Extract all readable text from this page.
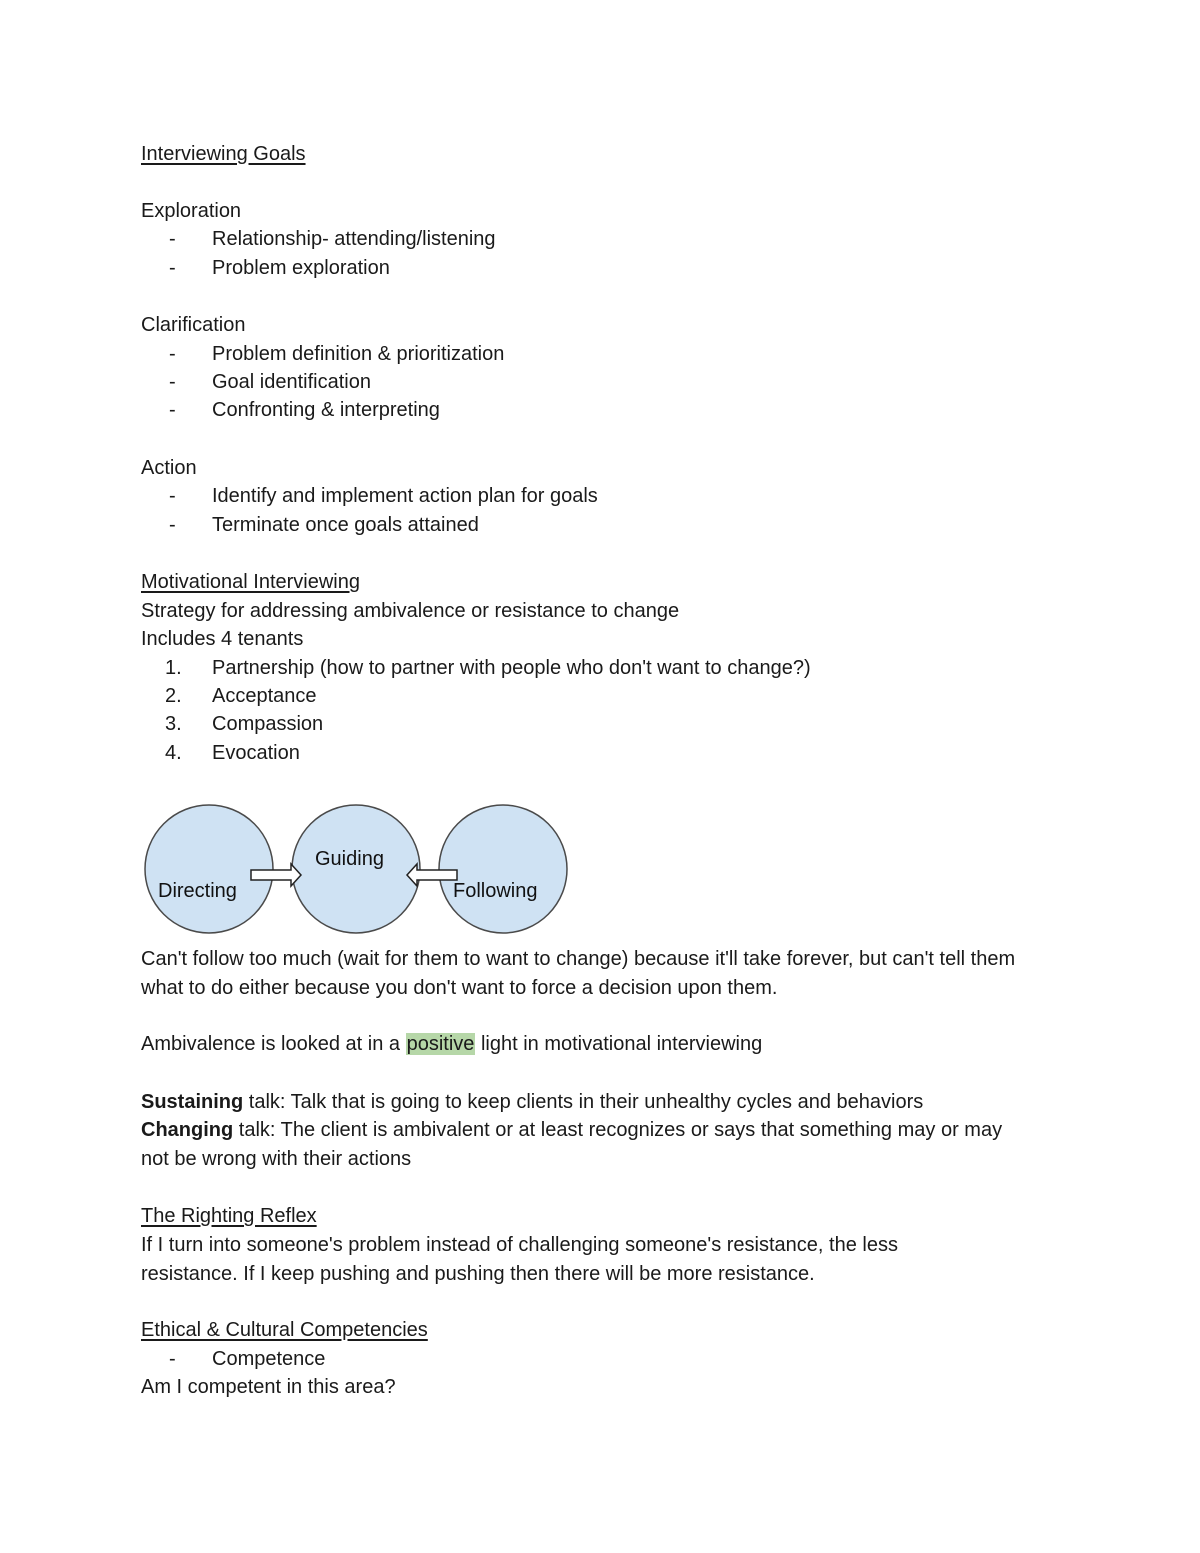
Interviewing Goals
Exploration
-	Relationship- attending/listening
-	Problem exploration
Clarification
-	Problem definition & prioritization
-	Goal identification
-	Confronting & interpreting
Action
-	Identify and implement action plan for goals
-	Terminate once goals attained
Motivational Interviewing
Strategy for addressing ambivalence or resistance to change
Includes 4 tenants
1.	Partnership (how to partner with people who don't want to change?)
2.	Acceptance
3.	Compassion
4.	Evocation
Can't follow too much (wait for them to want to change) because it'll take forever, but can't tell them what to do either because you don't want to force a decision upon them.
Ambivalence is looked at in a positive light in motivational interviewing
Sustaining talk: Talk that is going to keep clients in their unhealthy cycles and behaviors
Changing talk: The client is ambivalent or at least recognizes or says that something may or may not be wrong with their actions
The Righting Reflex
If I turn into someone's problem instead of challenging someone's resistance, the less resistance. If I keep pushing and pushing then there will be more resistance.
Ethical & Cultural Competencies
-	Competence
Am I competent in this area?
Directing
Guiding
Following
